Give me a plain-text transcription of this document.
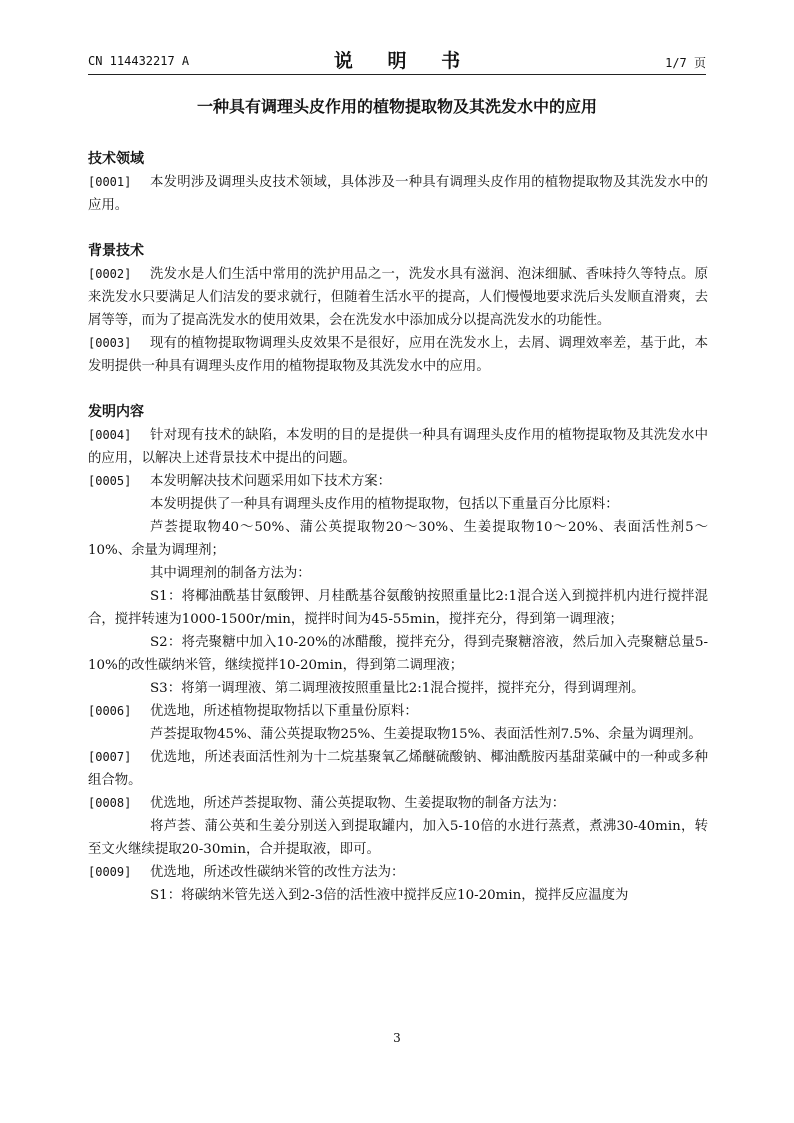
CN 114432217 A	说 明 书	1/7 页
一种具有调理头皮作用的植物提取物及其洗发水中的应用
技术领域
[0001]	本发明涉及调理头皮技术领域，具体涉及一种具有调理头皮作用的植物提取物及其洗发水中的应用。
背景技术
[0002]	洗发水是人们生活中常用的洗护用品之一，洗发水具有滋润、泡沫细腻、香味持久等特点。原来洗发水只要满足人们洁发的要求就行，但随着生活水平的提高，人们慢慢地要求洗后头发顺直滑爽，去屑等等，而为了提高洗发水的使用效果，会在洗发水中添加成分以提高洗发水的功能性。
[0003]	现有的植物提取物调理头皮效果不是很好，应用在洗发水上，去屑、调理效率差，基于此，本发明提供一种具有调理头皮作用的植物提取物及其洗发水中的应用。
发明内容
[0004]	针对现有技术的缺陷，本发明的目的是提供一种具有调理头皮作用的植物提取物及其洗发水中的应用，以解决上述背景技术中提出的问题。
[0005]	本发明解决技术问题采用如下技术方案：
本发明提供了一种具有调理头皮作用的植物提取物，包括以下重量百分比原料：
芦荟提取物40～50%、蒲公英提取物20～30%、生姜提取物10～20%、表面活性剂5～10%、余量为调理剂；
其中调理剂的制备方法为：
S1：将椰油酰基甘氨酸钾、月桂酰基谷氨酸钠按照重量比2:1混合送入到搅拌机内进行搅拌混合，搅拌转速为1000-1500r/min，搅拌时间为45-55min，搅拌充分，得到第一调理液；
S2：将壳聚糖中加入10-20%的冰醋酸，搅拌充分，得到壳聚糖溶液，然后加入壳聚糖总量5-10%的改性碳纳米管，继续搅拌10-20min，得到第二调理液；
S3：将第一调理液、第二调理液按照重量比2:1混合搅拌，搅拌充分，得到调理剂。
[0006]	优选地，所述植物提取物括以下重量份原料：
芦荟提取物45%、蒲公英提取物25%、生姜提取物15%、表面活性剂7.5%、余量为调理剂。
[0007]	优选地，所述表面活性剂为十二烷基聚氧乙烯醚硫酸钠、椰油酰胺丙基甜菜碱中的一种或多种组合物。
[0008]	优选地，所述芦荟提取物、蒲公英提取物、生姜提取物的制备方法为：
将芦荟、蒲公英和生姜分别送入到提取罐内，加入5-10倍的水进行蒸煮，煮沸30-40min，转至文火继续提取20-30min，合并提取液，即可。
[0009]	优选地，所述改性碳纳米管的改性方法为：
S1：将碳纳米管先送入到2-3倍的活性液中搅拌反应10-20min，搅拌反应温度为
3
